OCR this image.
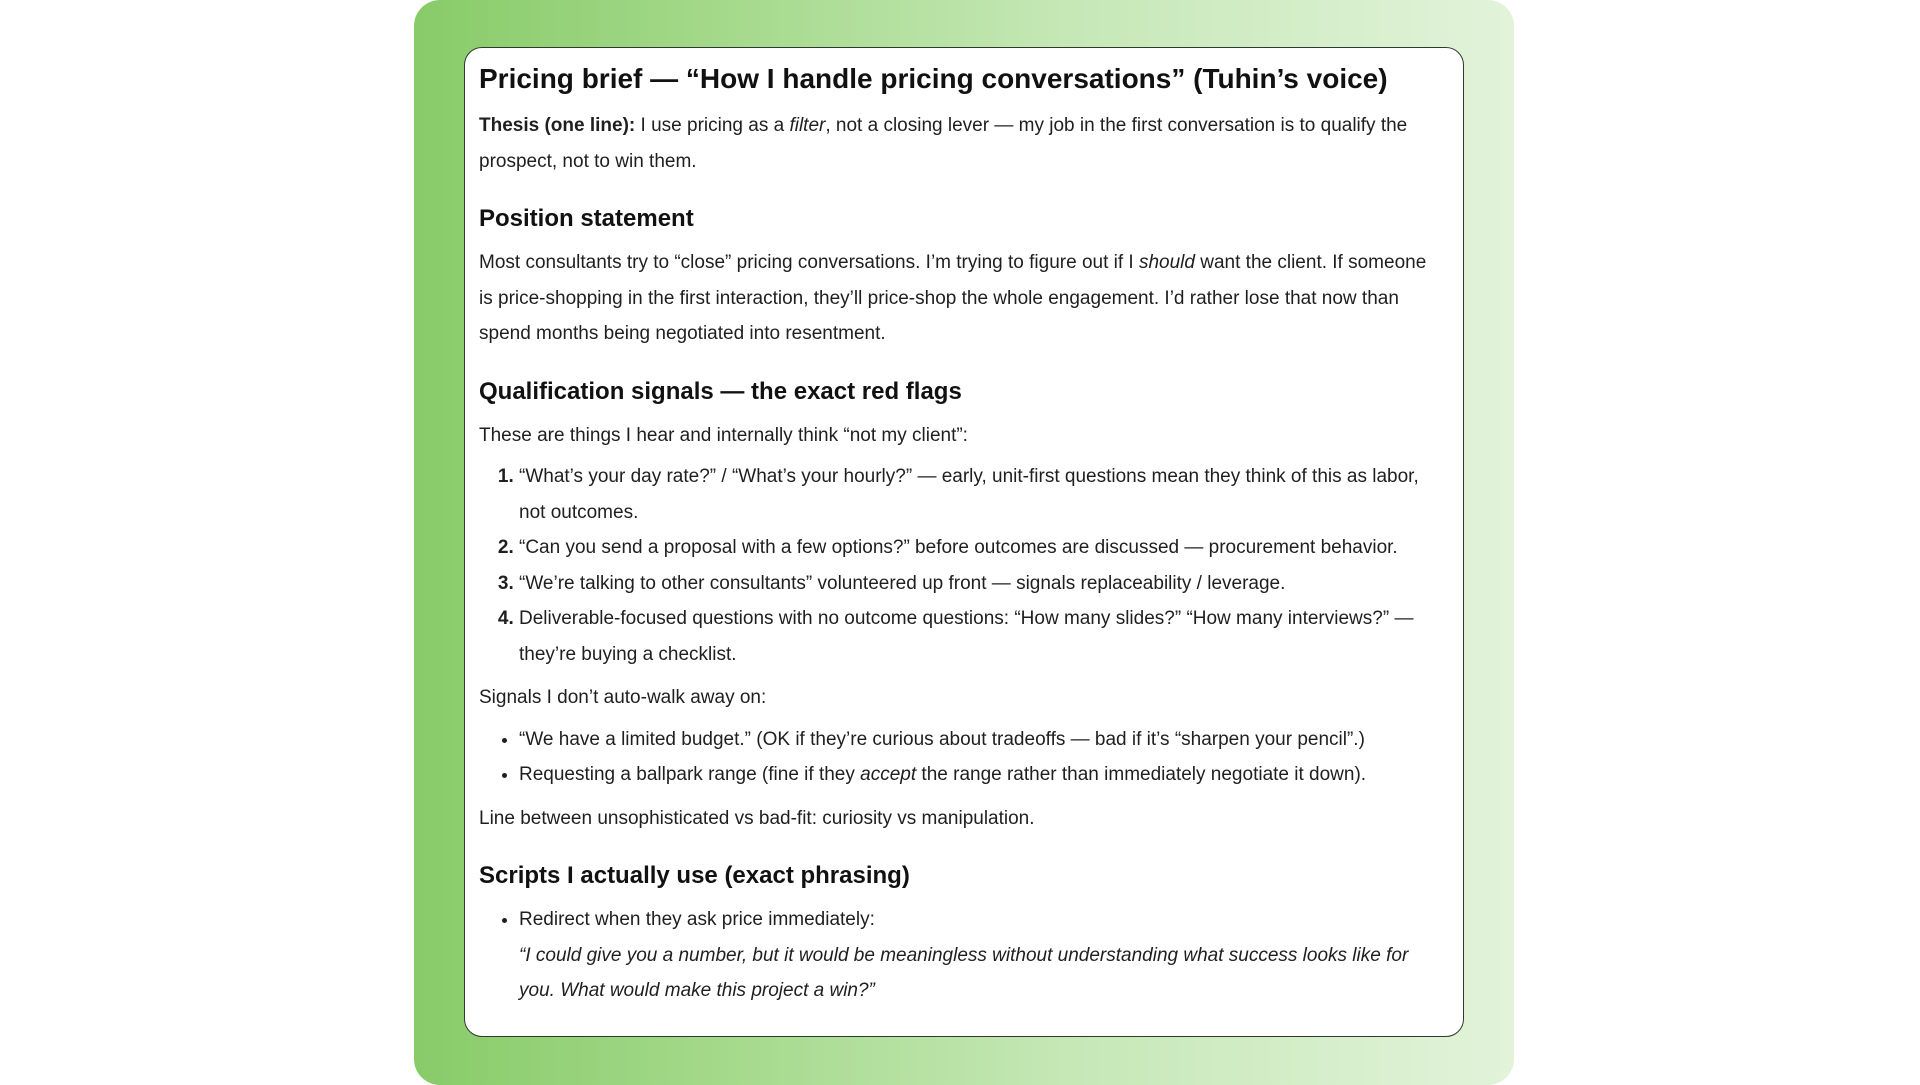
Pricing brief — “How I handle pricing conversations” (Tuhin’s voice)

Thesis (one line): I use pricing as a filter, not a closing lever — my job in the first conversation is to qualify the prospect, not to win them.

Position statement

Most consultants try to “close” pricing conversations. I’m trying to figure out if I should want the client. If someone is price-shopping in the first interaction, they’ll price-shop the whole engagement. I’d rather lose that now than spend months being negotiated into resentment.

Qualification signals — the exact red flags

These are things I hear and internally think “not my client”:

1. “What’s your day rate?” / “What’s your hourly?” — early, unit-first questions mean they think of this as labor, not outcomes.
2. “Can you send a proposal with a few options?” before outcomes are discussed — procurement behavior.
3. “We’re talking to other consultants” volunteered up front — signals replaceability / leverage.
4. Deliverable-focused questions with no outcome questions: “How many slides?” “How many interviews?” — they’re buying a checklist.

Signals I don’t auto-walk away on:

• “We have a limited budget.” (OK if they’re curious about tradeoffs — bad if it’s “sharpen your pencil”.)
• Requesting a ballpark range (fine if they accept the range rather than immediately negotiate it down).

Line between unsophisticated vs bad-fit: curiosity vs manipulation.

Scripts I actually use (exact phrasing)
• Redirect when they ask price immediately:
“I could give you a number, but it would be meaningless without understanding what success looks like for you. What would make this project a win?”
